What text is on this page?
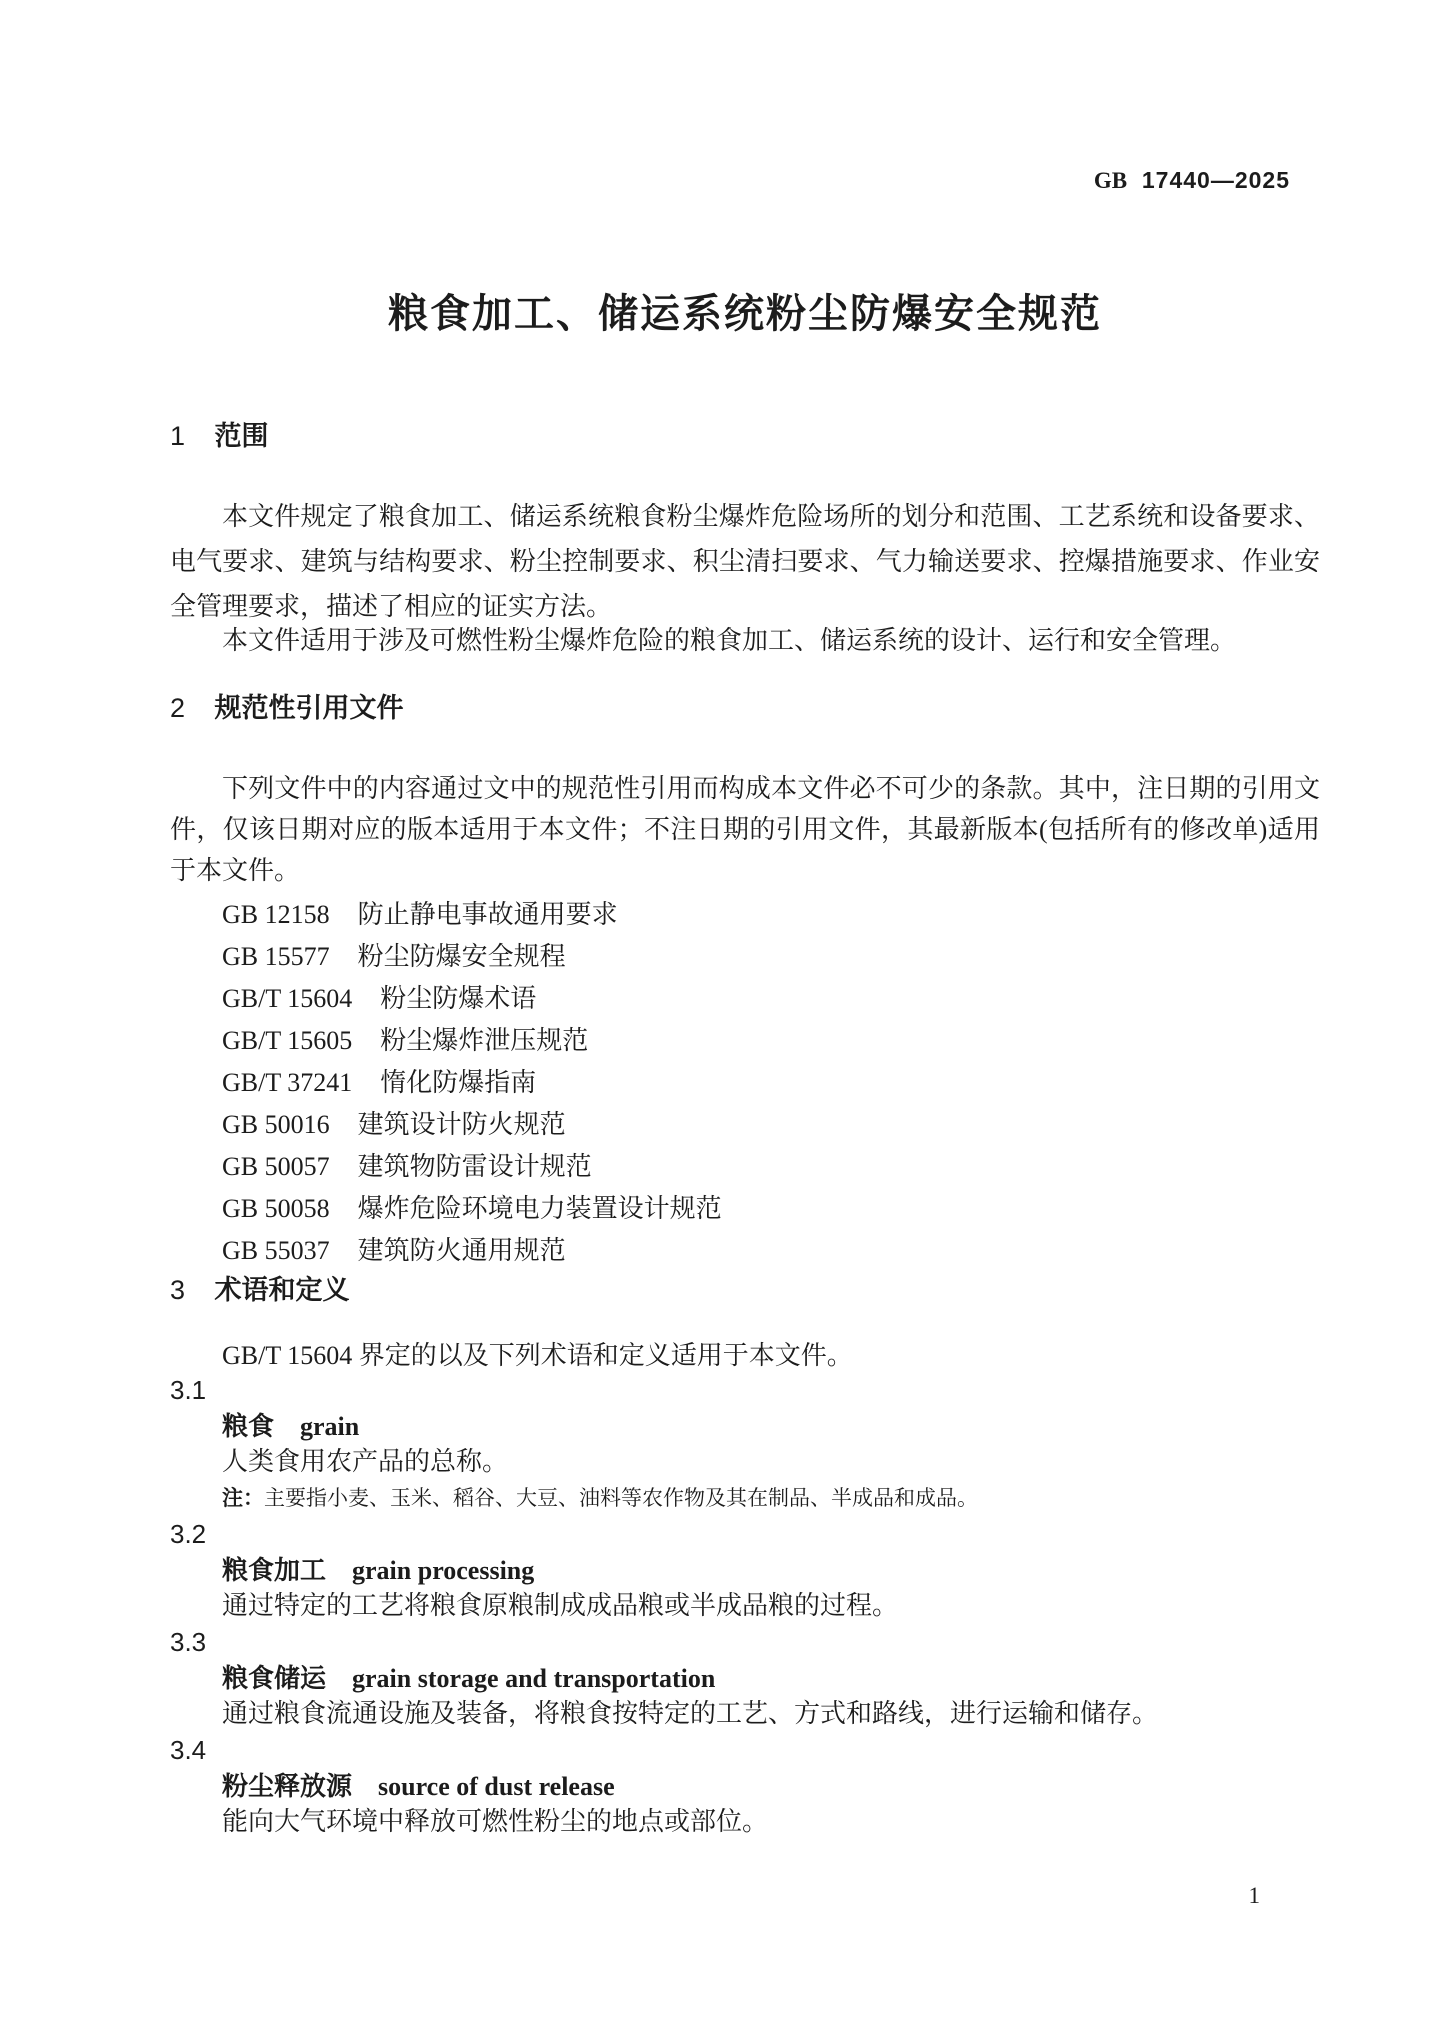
GB 17440—2025
粮食加工、储运系统粉尘防爆安全规范
1 范围
本文件规定了粮食加工、储运系统粮食粉尘爆炸危险场所的划分和范围、工艺系统和设备要求、电气要求、建筑与结构要求、粉尘控制要求、积尘清扫要求、气力输送要求、控爆措施要求、作业安全管理要求，描述了相应的证实方法。
本文件适用于涉及可燃性粉尘爆炸危险的粮食加工、储运系统的设计、运行和安全管理。
2 规范性引用文件
下列文件中的内容通过文中的规范性引用而构成本文件必不可少的条款。其中，注日期的引用文件，仅该日期对应的版本适用于本文件；不注日期的引用文件，其最新版本(包括所有的修改单)适用于本文件。
GB 12158 防止静电事故通用要求
GB 15577 粉尘防爆安全规程
GB/T 15604 粉尘防爆术语
GB/T 15605 粉尘爆炸泄压规范
GB/T 37241 惰化防爆指南
GB 50016 建筑设计防火规范
GB 50057 建筑物防雷设计规范
GB 50058 爆炸危险环境电力装置设计规范
GB 55037 建筑防火通用规范
3 术语和定义
GB/T 15604 界定的以及下列术语和定义适用于本文件。
3.1
粮食 grain
人类食用农产品的总称。
注：主要指小麦、玉米、稻谷、大豆、油料等农作物及其在制品、半成品和成品。
3.2
粮食加工 grain processing
通过特定的工艺将粮食原粮制成成品粮或半成品粮的过程。
3.3
粮食储运 grain storage and transportation
通过粮食流通设施及装备，将粮食按特定的工艺、方式和路线，进行运输和储存。
3.4
粉尘释放源 source of dust release
能向大气环境中释放可燃性粉尘的地点或部位。
1
